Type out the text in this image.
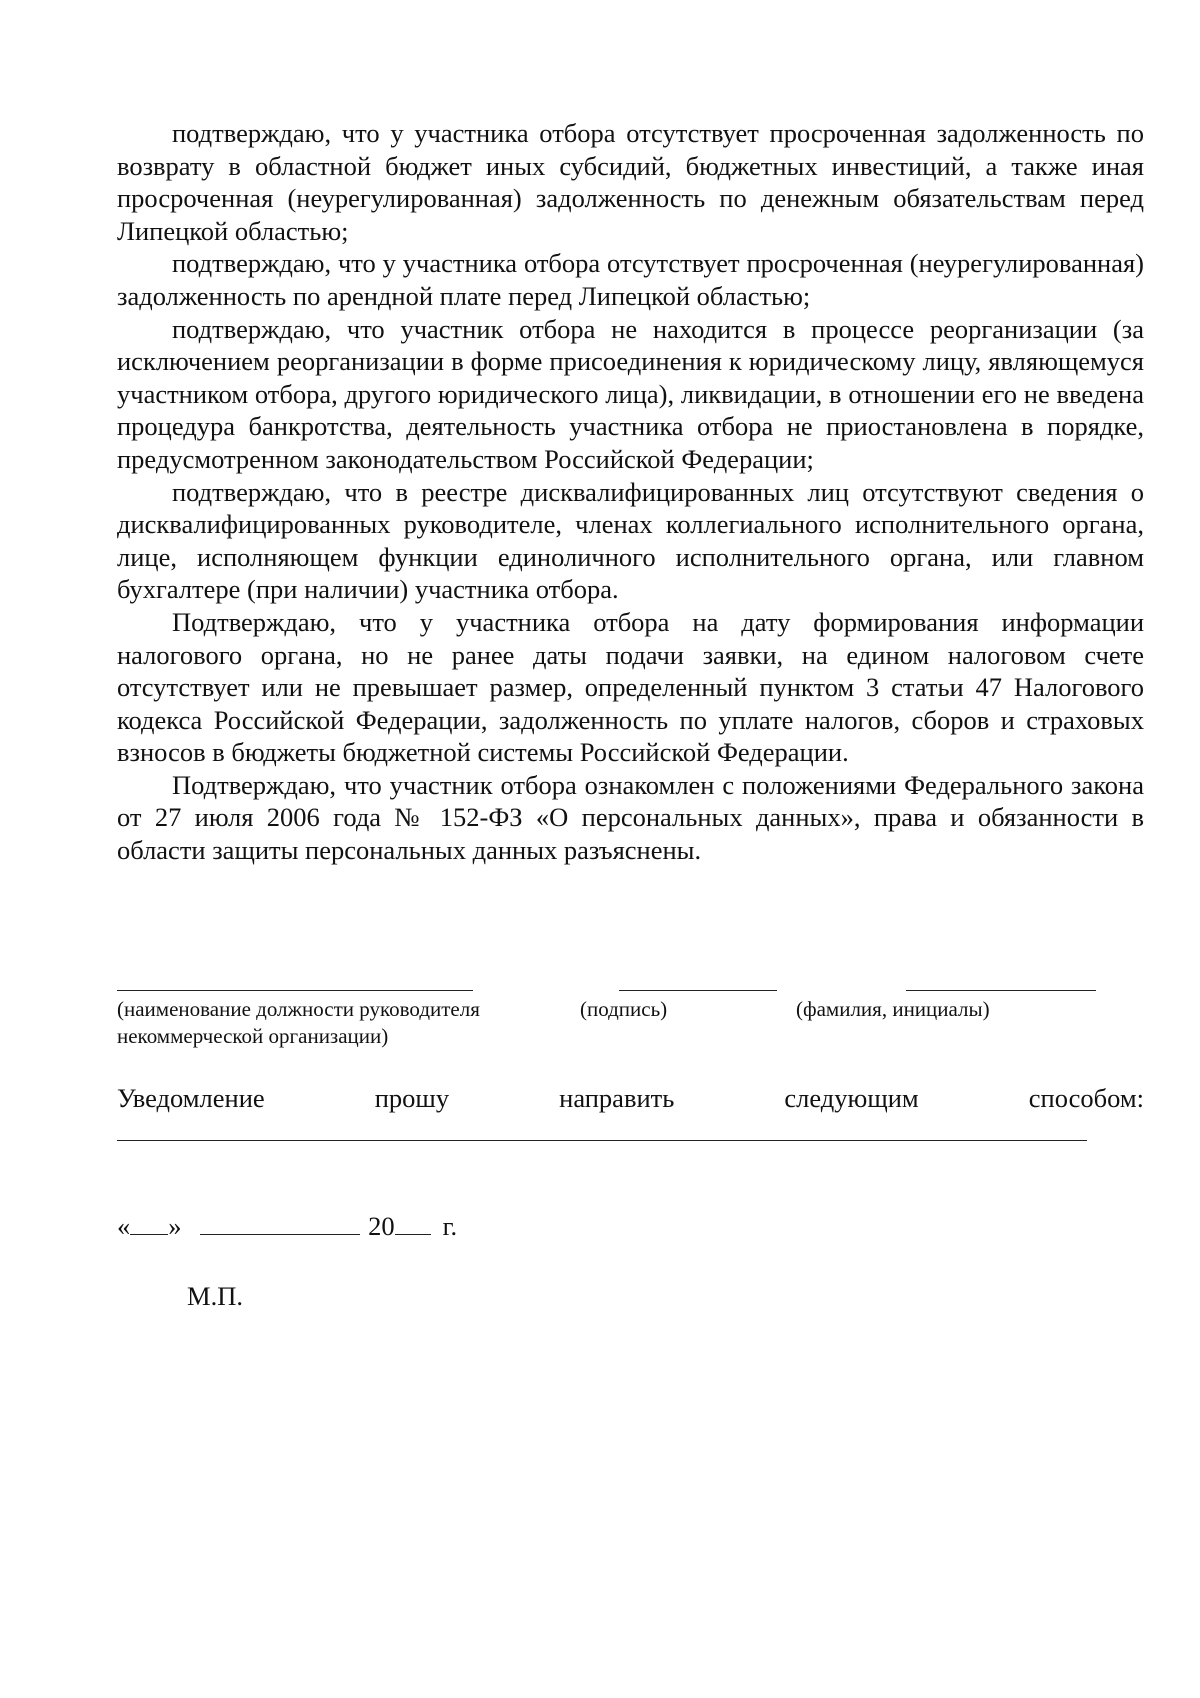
подтверждаю, что у участника отбора отсутствует просроченная задолженность по возврату в областной бюджет иных субсидий, бюджетных инвестиций, а также иная просроченная (неурегулированная) задолженность по денежным обязательствам перед Липецкой областью;

подтверждаю, что у участника отбора отсутствует просроченная (неурегулированная) задолженность по арендной плате перед Липецкой областью;

подтверждаю, что участник отбора не находится в процессе реорганизации (за исключением реорганизации в форме присоединения к юридическому лицу, являющемуся участником отбора, другого юридического лица), ликвидации, в отношении его не введена процедура банкротства, деятельность участника отбора не приостановлена в порядке, предусмотренном законодательством Российской Федерации;

подтверждаю, что в реестре дисквалифицированных лиц отсутствуют сведения о дисквалифицированных руководителе, членах коллегиального исполнительного органа, лице, исполняющем функции единоличного исполнительного органа, или главном бухгалтере (при наличии) участника отбора.

Подтверждаю, что у участника отбора на дату формирования информации налогового органа, но не ранее даты подачи заявки, на едином налоговом счете отсутствует или не превышает размер, определенный пунктом 3 статьи 47 Налогового кодекса Российской Федерации, задолженность по уплате налогов, сборов и страховых взносов в бюджеты бюджетной системы Российской Федерации.

Подтверждаю, что участник отбора ознакомлен с положениями Федерального закона от 27 июля 2006 года № 152-ФЗ «О персональных данных», права и обязанности в области защиты персональных данных разъяснены.

(наименование должности руководителя
некоммерческой организации)
(подпись)	(фамилия, инициалы)
Уведомление	прошу	направить	следующим	способом:
« »	20 г.
М.П.
